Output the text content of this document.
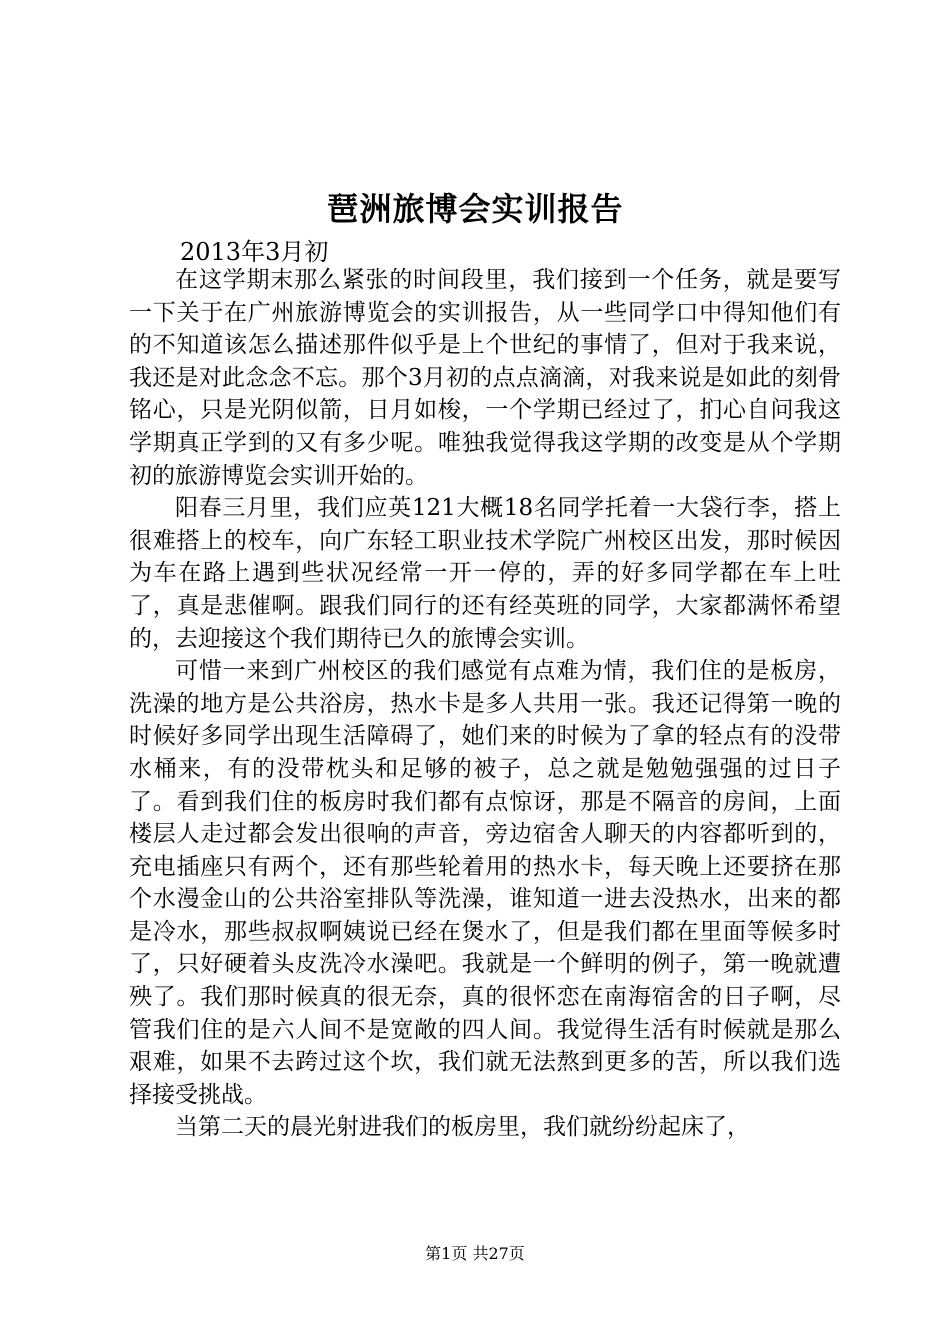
琶洲旅博会实训报告
2013年3月初

在这学期末那么紧张的时间段里，我们接到一个任务，就是要写一下关于在广州旅游博览会的实训报告，从一些同学口中得知他们有的不知道该怎么描述那件似乎是上个世纪的事情了，但对于我来说，我还是对此念念不忘。那个3月初的点点滴滴，对我来说是如此的刻骨铭心，只是光阴似箭，日月如梭，一个学期已经过了，扪心自问我这学期真正学到的又有多少呢。唯独我觉得我这学期的改变是从个学期初的旅游博览会实训开始的。

阳春三月里，我们应英121大概18名同学托着一大袋行李，搭上很难搭上的校车，向广东轻工职业技术学院广州校区出发，那时候因为车在路上遇到些状况经常一开一停的，弄的好多同学都在车上吐了，真是悲催啊。跟我们同行的还有经英班的同学，大家都满怀希望的，去迎接这个我们期待已久的旅博会实训。

可惜一来到广州校区的我们感觉有点难为情，我们住的是板房，洗澡的地方是公共浴房，热水卡是多人共用一张。我还记得第一晚的时候好多同学出现生活障碍了，她们来的时候为了拿的轻点有的没带水桶来，有的没带枕头和足够的被子，总之就是勉勉强强的过日子了。看到我们住的板房时我们都有点惊讶，那是不隔音的房间，上面楼层人走过都会发出很响的声音，旁边宿舍人聊天的内容都听到的，充电插座只有两个，还有那些轮着用的热水卡，每天晚上还要挤在那个水漫金山的公共浴室排队等洗澡，谁知道一进去没热水，出来的都是冷水，那些叔叔啊姨说已经在煲水了，但是我们都在里面等候多时了，只好硬着头皮洗冷水澡吧。我就是一个鲜明的例子，第一晚就遭殃了。我们那时候真的很无奈，真的很怀恋在南海宿舍的日子啊，尽管我们住的是六人间不是宽敞的四人间。我觉得生活有时候就是那么艰难，如果不去跨过这个坎，我们就无法熬到更多的苦，所以我们选择接受挑战。

当第二天的晨光射进我们的板房里，我们就纷纷起床了，

第1页 共27页
